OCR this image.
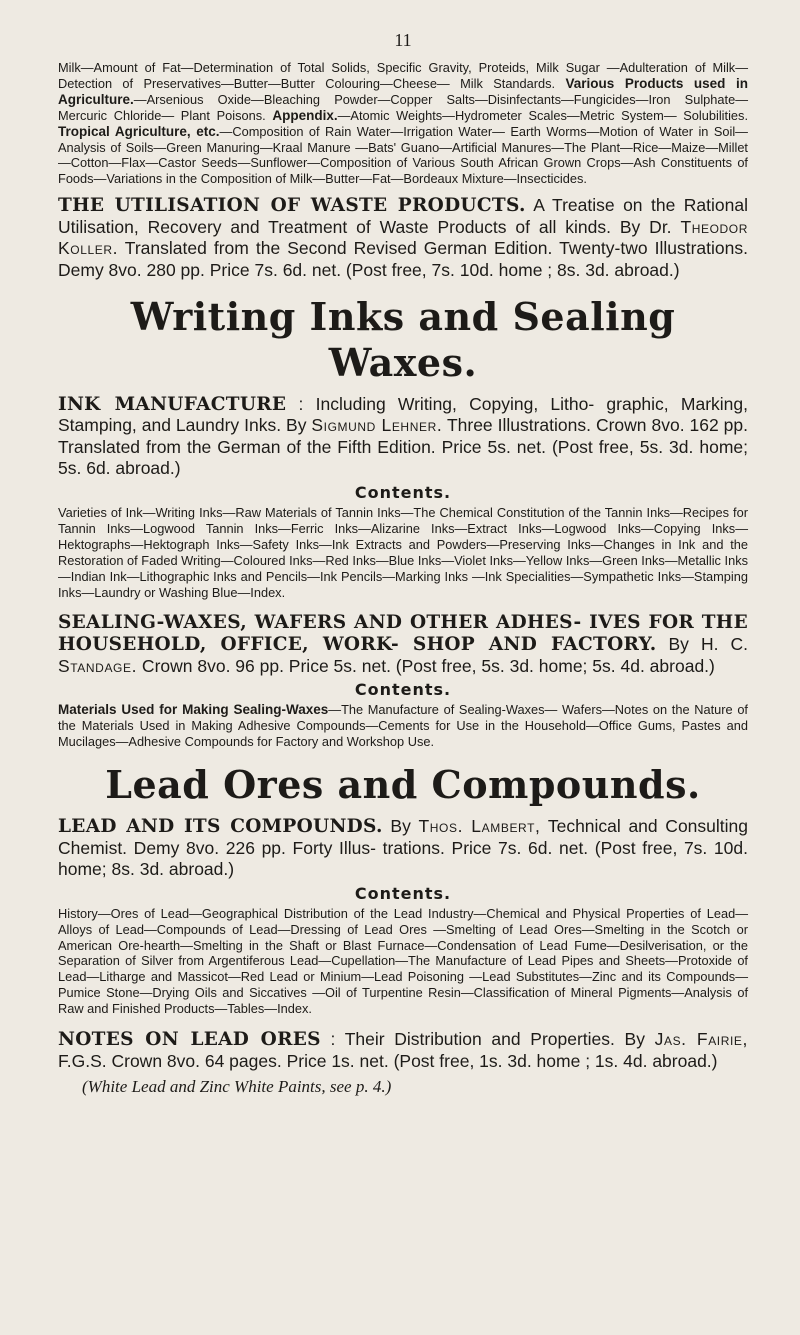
11

Milk—Amount of Fat—Determination of Total Solids, Specific Gravity, Proteids, Milk Sugar —Adulteration of Milk—Detection of Preservatives—Butter—Butter Colouring—Cheese— Milk Standards. Various Products used in Agriculture.—Arsenious Oxide—Bleaching Powder—Copper Salts—Disinfectants—Fungicides—Iron Sulphate—Mercuric Chloride— Plant Poisons. Appendix.—Atomic Weights—Hydrometer Scales—Metric System— Solubilities. Tropical Agriculture, etc.—Composition of Rain Water—Irrigation Water— Earth Worms—Motion of Water in Soil—Analysis of Soils—Green Manuring—Kraal Manure —Bats' Guano—Artificial Manures—The Plant—Rice—Maize—Millet—Cotton—Flax—Castor Seeds—Sunflower—Composition of Various South African Grown Crops—Ash Constituents of Foods—Variations in the Composition of Milk—Butter—Fat—Bordeaux Mixture—Insecticides.

THE UTILISATION OF WASTE PRODUCTS. A Treatise on the Rational Utilisation, Recovery and Treatment of Waste Products of all kinds. By Dr. Theodor Koller. Translated from the Second Revised German Edition. Twenty-two Illustrations. Demy 8vo. 280 pp. Price 7s. 6d. net. (Post free, 7s. 10d. home ; 8s. 3d. abroad.)

Writing Inks and Sealing Waxes.

INK MANUFACTURE : Including Writing, Copying, Litho- graphic, Marking, Stamping, and Laundry Inks. By Sigmund Lehner. Three Illustrations. Crown 8vo. 162 pp. Translated from the German of the Fifth Edition. Price 5s. net. (Post free, 5s. 3d. home; 5s. 6d. abroad.)

Contents.

Varieties of Ink—Writing Inks—Raw Materials of Tannin Inks—The Chemical Constitution of the Tannin Inks—Recipes for Tannin Inks—Logwood Tannin Inks—Ferric Inks—Alizarine Inks—Extract Inks—Logwood Inks—Copying Inks—Hektographs—Hektograph Inks—Safety Inks—Ink Extracts and Powders—Preserving Inks—Changes in Ink and the Restoration of Faded Writing—Coloured Inks—Red Inks—Blue Inks—Violet Inks—Yellow Inks—Green Inks—Metallic Inks—Indian Ink—Lithographic Inks and Pencils—Ink Pencils—Marking Inks —Ink Specialities—Sympathetic Inks—Stamping Inks—Laundry or Washing Blue—Index.

SEALING-WAXES, WAFERS AND OTHER ADHES- IVES FOR THE HOUSEHOLD, OFFICE, WORK- SHOP AND FACTORY. By H. C. Standage. Crown 8vo. 96 pp. Price 5s. net. (Post free, 5s. 3d. home; 5s. 4d. abroad.)

Contents.

Materials Used for Making Sealing-Waxes—The Manufacture of Sealing-Waxes— Wafers—Notes on the Nature of the Materials Used in Making Adhesive Compounds—Cements for Use in the Household—Office Gums, Pastes and Mucilages—Adhesive Compounds for Factory and Workshop Use.

Lead Ores and Compounds.

LEAD AND ITS COMPOUNDS. By Thos. Lambert, Technical and Consulting Chemist. Demy 8vo. 226 pp. Forty Illus- trations. Price 7s. 6d. net. (Post free, 7s. 10d. home; 8s. 3d. abroad.)

Contents.

History—Ores of Lead—Geographical Distribution of the Lead Industry—Chemical and Physical Properties of Lead—Alloys of Lead—Compounds of Lead—Dressing of Lead Ores —Smelting of Lead Ores—Smelting in the Scotch or American Ore-hearth—Smelting in the Shaft or Blast Furnace—Condensation of Lead Fume—Desilverisation, or the Separation of Silver from Argentiferous Lead—Cupellation—The Manufacture of Lead Pipes and Sheets—Protoxide of Lead—Litharge and Massicot—Red Lead or Minium—Lead Poisoning —Lead Substitutes—Zinc and its Compounds—Pumice Stone—Drying Oils and Siccatives —Oil of Turpentine Resin—Classification of Mineral Pigments—Analysis of Raw and Finished Products—Tables—Index.

NOTES ON LEAD ORES : Their Distribution and Properties. By Jas. Fairie, F.G.S. Crown 8vo. 64 pages. Price 1s. net. (Post free, 1s. 3d. home ; 1s. 4d. abroad.)

(White Lead and Zinc White Paints, see p. 4.)
